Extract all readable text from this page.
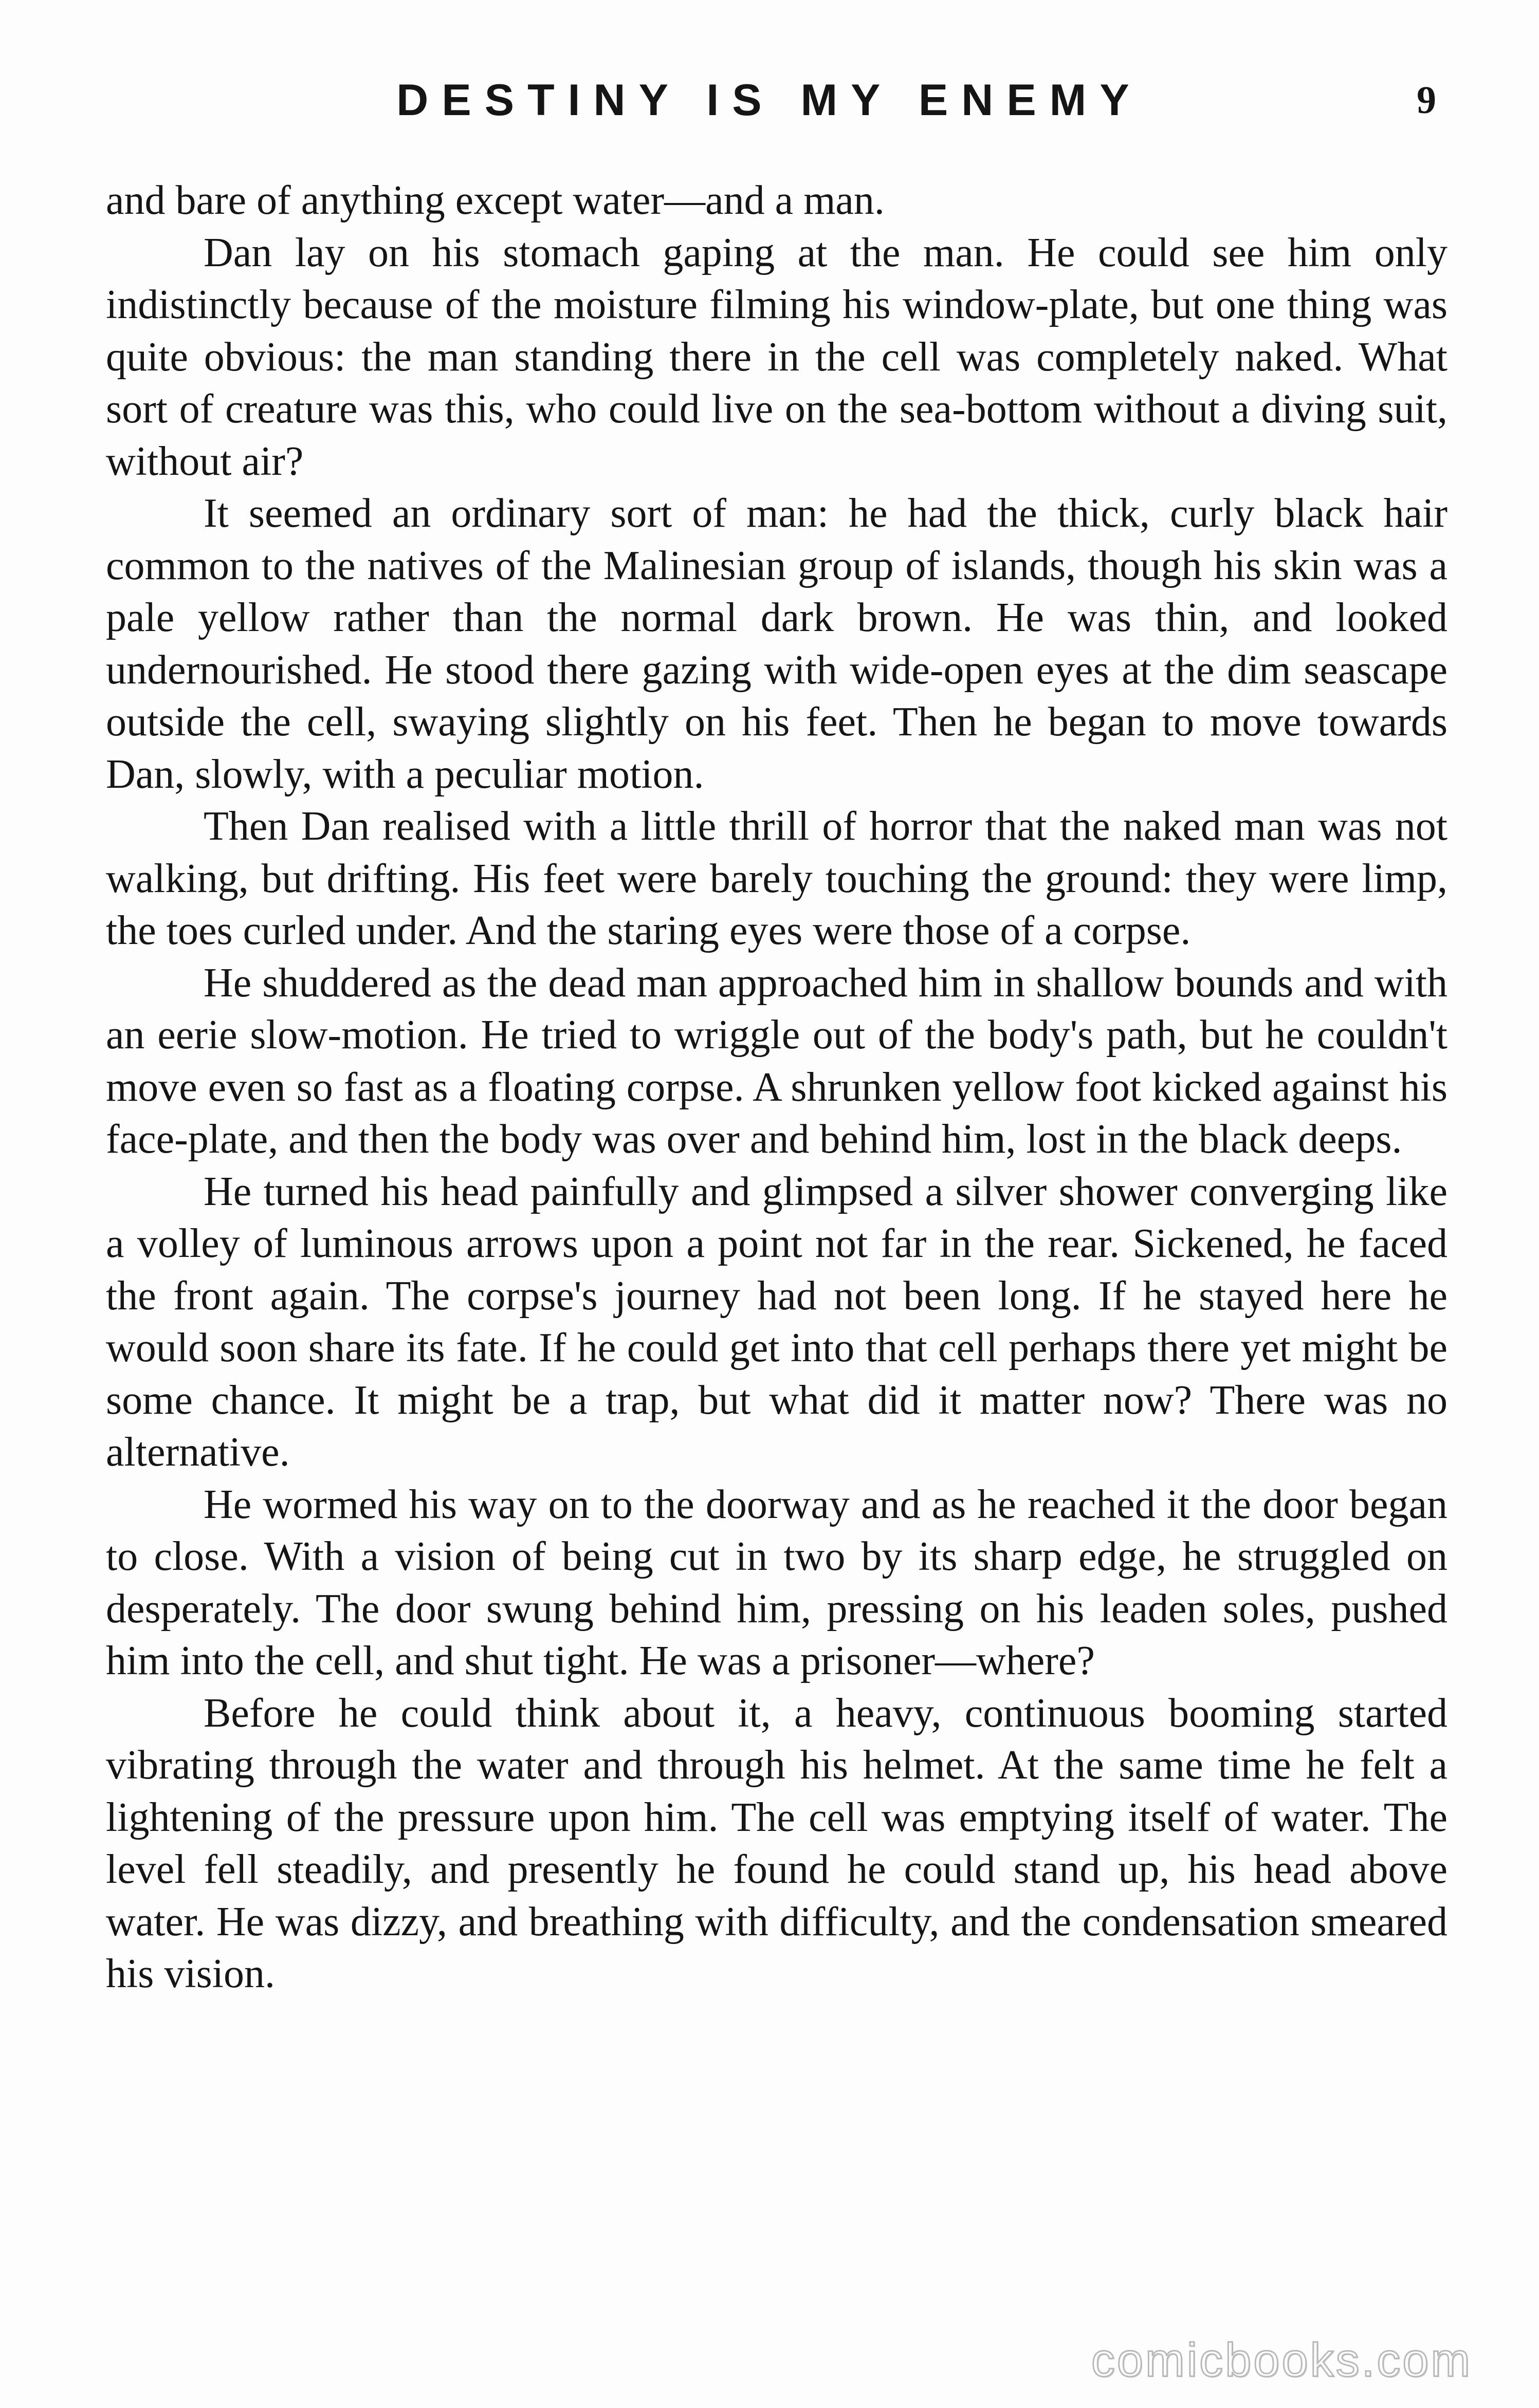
DESTINY IS MY ENEMY	9

and bare of anything except water—and a man.

Dan lay on his stomach gaping at the man. He could see him only indistinctly because of the moisture filming his window-plate, but one thing was quite obvious: the man standing there in the cell was completely naked. What sort of creature was this, who could live on the sea-bottom without a diving suit, without air?

It seemed an ordinary sort of man: he had the thick, curly black hair common to the natives of the Malinesian group of islands, though his skin was a pale yellow rather than the normal dark brown. He was thin, and looked undernourished. He stood there gazing with wide-open eyes at the dim seascape outside the cell, swaying slightly on his feet. Then he began to move towards Dan, slowly, with a peculiar motion.

Then Dan realised with a little thrill of horror that the naked man was not walking, but drifting. His feet were barely touching the ground: they were limp, the toes curled under. And the staring eyes were those of a corpse.

He shuddered as the dead man approached him in shallow bounds and with an eerie slow-motion. He tried to wriggle out of the body's path, but he couldn't move even so fast as a floating corpse. A shrunken yellow foot kicked against his face-plate, and then the body was over and behind him, lost in the black deeps.

He turned his head painfully and glimpsed a silver shower converging like a volley of luminous arrows upon a point not far in the rear. Sickened, he faced the front again. The corpse's journey had not been long. If he stayed here he would soon share its fate. If he could get into that cell perhaps there yet might be some chance. It might be a trap, but what did it matter now? There was no alternative.

He wormed his way on to the doorway and as he reached it the door began to close. With a vision of being cut in two by its sharp edge, he struggled on desperately. The door swung behind him, pressing on his leaden soles, pushed him into the cell, and shut tight. He was a prisoner—where?

Before he could think about it, a heavy, continuous booming started vibrating through the water and through his helmet. At the same time he felt a lightening of the pressure upon him. The cell was emptying itself of water. The level fell steadily, and presently he found he could stand up, his head above water. He was dizzy, and breathing with difficulty, and the condensation smeared his vision.

comicbooks.com
